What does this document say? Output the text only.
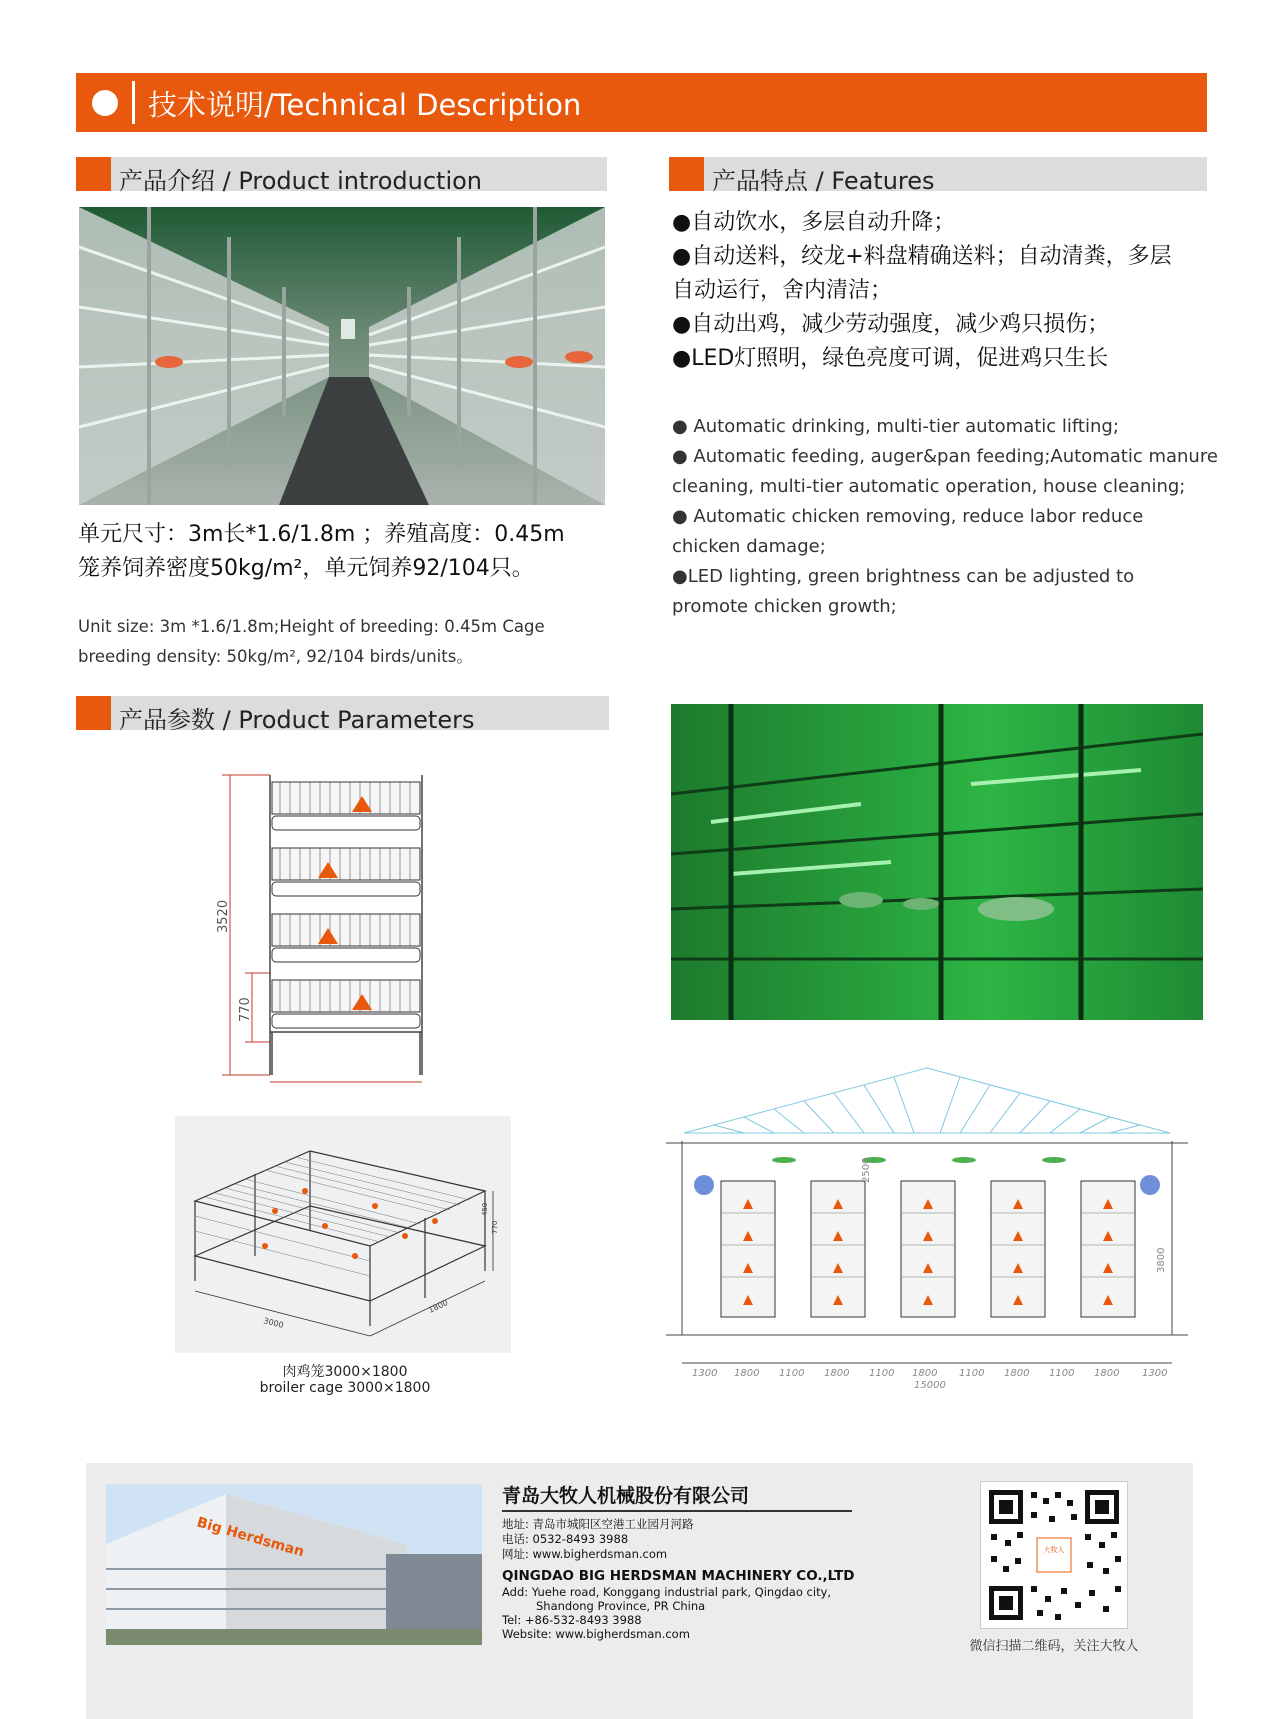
技术说明/Technical Description
产品介绍 / Product introduction
单元尺寸：3m长*1.6/1.8m ；养殖高度：0.45m
笼养饲养密度50kg/m²，单元饲养92/104只。
Unit size: 3m *1.6/1.8m;Height of breeding: 0.45m Cage
breeding density: 50kg/m², 92/104 birds/units。
产品特点 / Features
●自动饮水，多层自动升降；
●自动送料，绞龙+料盘精确送料；自动清粪，多层
自动运行，舍内清洁；
●自动出鸡，减少劳动强度，减少鸡只损伤；
●LED灯照明，绿色亮度可调，促进鸡只生长
● Automatic drinking, multi-tier automatic lifting;
● Automatic feeding, auger&pan feeding;Automatic manure
cleaning, multi-tier automatic operation, house cleaning;
● Automatic chicken removing, reduce labor reduce
chicken damage;
●LED lighting, green brightness can be adjusted to
promote chicken growth;
产品参数 / Product Parameters
3520
770
3000
1800
770
450
肉鸡笼3000×1800
broiler cage 3000×1800
2500
3800
1300 1800 1100 1800 1100 1800 1100 1800 1100 1800 1300
15000
Big Herdsman
青岛大牧人机械股份有限公司
地址: 青岛市城阳区空港工业园月河路
电话: 0532-8493 3988
网址: www.bigherdsman.com
QINGDAO BIG HERDSMAN MACHINERY CO.,LTD
Add: Yuehe road, Konggang industrial park, Qingdao city,
Shandong Province, PR China
Tel: +86-532-8493 3988
Website: www.bigherdsman.com
大牧人
微信扫描二维码，关注大牧人
